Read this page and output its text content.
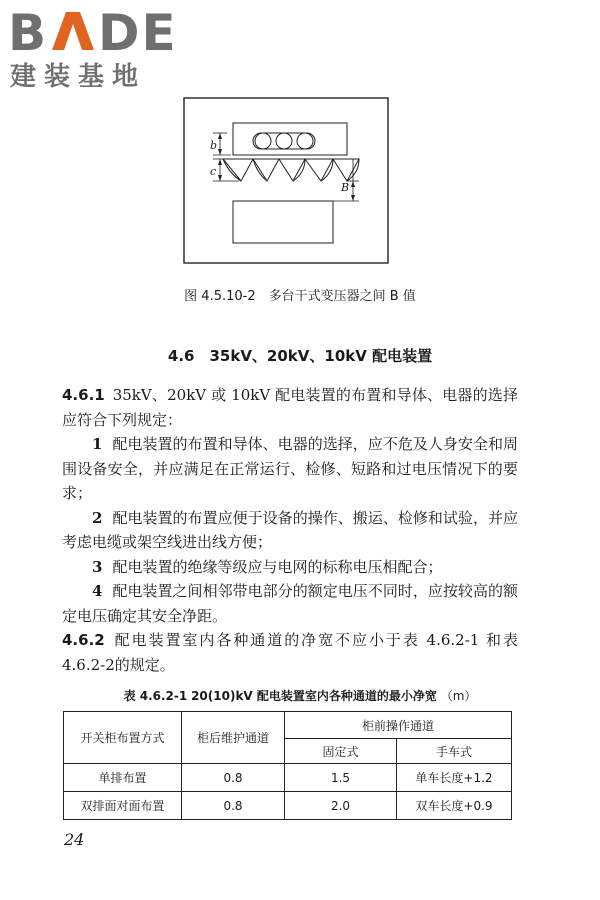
B DE
建装基地
b
c
B
图 4.5.10-2　多台干式变压器之间 B 值
4.6　35kV、20kV、10kV 配电装置

4.6.1 35kV、20kV 或 10kV 配电装置的布置和导体、电器的选择应符合下列规定：

1 配电装置的布置和导体、电器的选择，应不危及人身安全和周围设备安全，并应满足在正常运行、检修、短路和过电压情况下的要求；

2 配电装置的布置应便于设备的操作、搬运、检修和试验，并应考虑电缆或架空线进出线方便；

3 配电装置的绝缘等级应与电网的标称电压相配合；

4 配电装置之间相邻带电部分的额定电压不同时，应按较高的额定电压确定其安全净距。

4.6.2 配电装置室内各种通道的净宽不应小于表 4.6.2-1 和表 4.6.2-2的规定。

表 4.6.2-1 20(10)kV 配电装置室内各种通道的最小净宽 （m）
开关柜布置方式	柜后维护通道	柜前操作通道	
		固定式	手车式
单排布置	0.8	1.5	单车长度+1.2
双排面对面布置	0.8	2.0	双车长度+0.9
24
